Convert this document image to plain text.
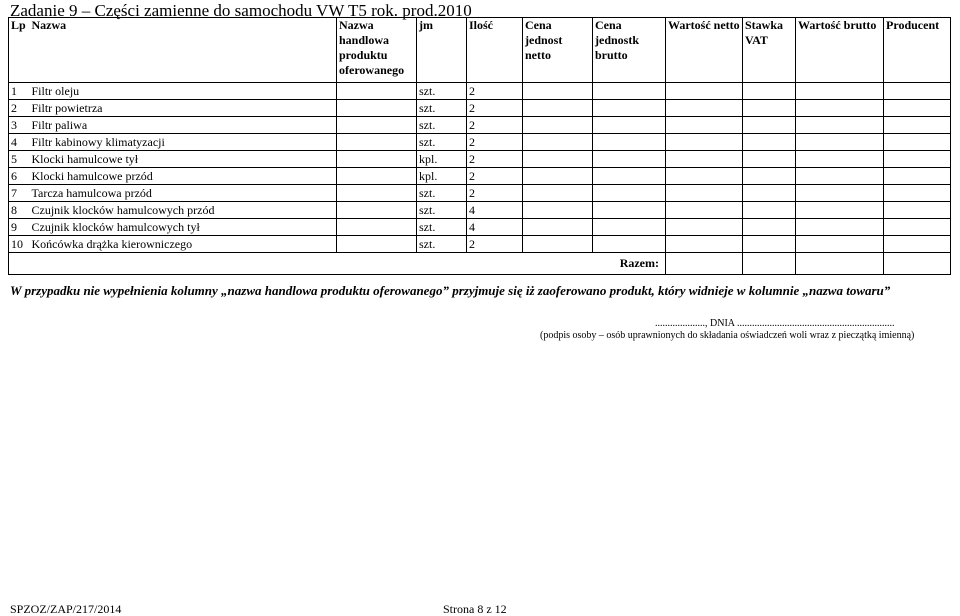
Zadanie 9 – Części zamienne do samochodu VW T5 rok. prod.2010
Lp	Nazwa	Nazwa handlowa produktu oferowanego	jm	Ilość	Cena jednost netto	Cena jednostk brutto	Wartość netto	Stawka VAT	Wartość brutto	Producent
1	Filtr oleju		szt.	2						
2	Filtr powietrza		szt.	2						
3	Filtr paliwa		szt.	2						
4	Filtr kabinowy klimatyzacji		szt.	2						
5	Klocki hamulcowe tył		kpl.	2						
6	Klocki hamulcowe przód		kpl.	2						
7	Tarcza hamulcowa przód		szt.	2						
8	Czujnik klocków hamulcowych przód		szt.	4						
9	Czujnik klocków hamulcowych tył		szt.	4						
10	Końcówka drążka kierowniczego		szt.	2						
Razem:										
W przypadku nie wypełnienia kolumny „nazwa handlowa produktu oferowanego” przyjmuje się iż zaoferowano produkt, który widnieje w kolumnie „nazwa towaru”
...................., DNIA ...............................................................
(podpis osoby – osób uprawnionych do składania oświadczeń woli wraz z pieczątką imienną)
SPZOZ/ZAP/217/2014	Strona 8 z 12
